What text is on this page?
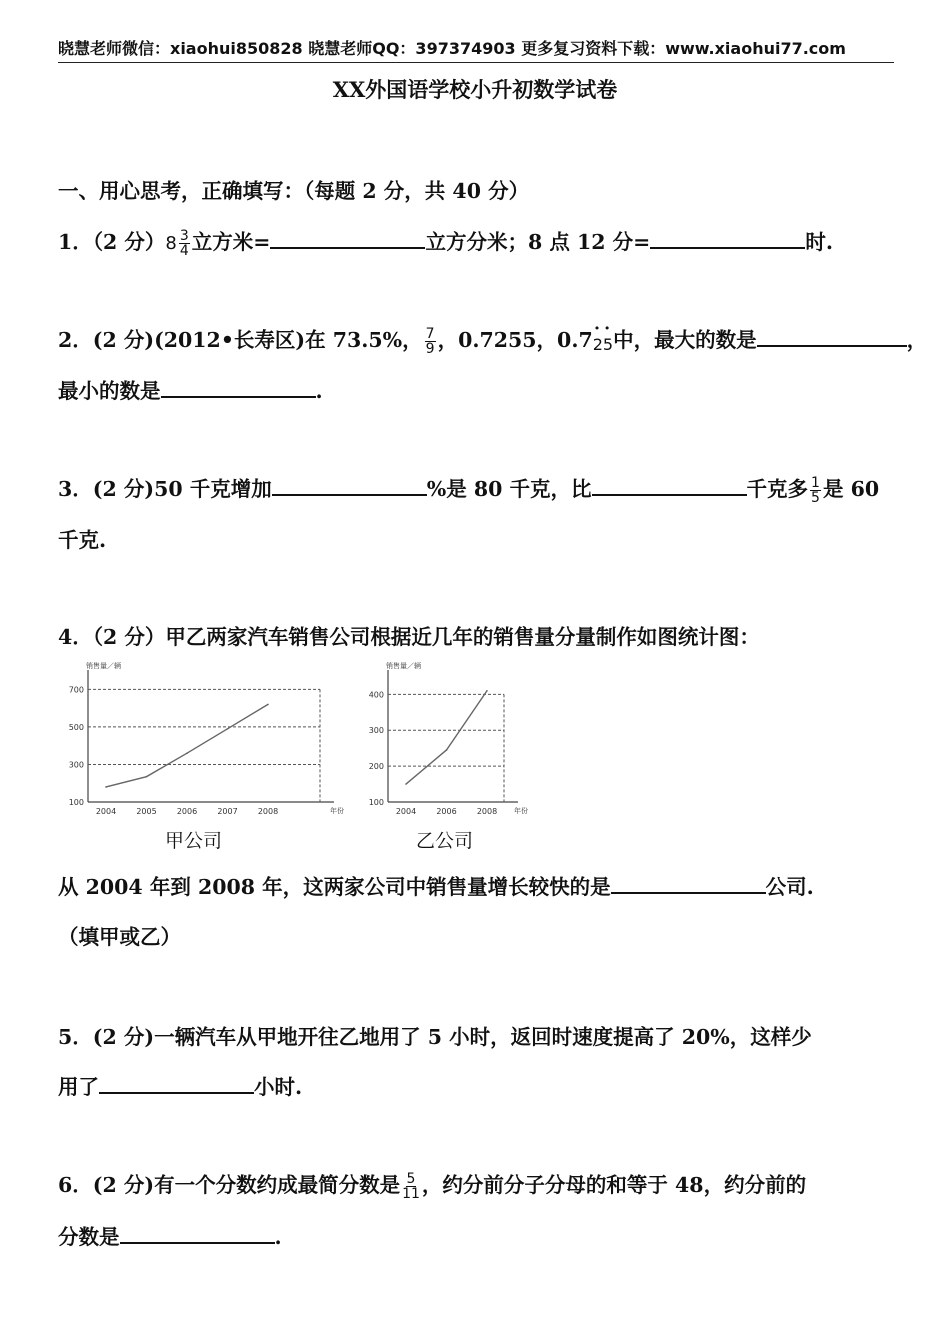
晓慧老师微信：xiaohui850828 晓慧老师QQ：397374903 更多复习资料下载：www.xiaohui77.com
XX外国语学校小升初数学试卷
一、用心思考，正确填写：（每题 2 分，共 40 分）
1．（2 分）$8 \frac{3}{4}$ 立方米=	立方分米；8 点 12 分=	时.
2．(2 分)(2012•长寿区)在 73.5%， $\frac{7}{9}$ ，0.7255，0.7 • 2 • 5 中，最大的数是	，
最小的数是	.
3．(2 分)50 千克增加	%是 80 千克，比	千克多 $\frac{1}{5}$ 是 60
千克.
4．（2 分）甲乙两家汽车销售公司根据近几年的销售量分量制作如图统计图：
销售量／辆
年份
100
300
500
700
2004	2005	2006	2007	2008
甲公司
销售量／辆
年份
100
200
300
400
2004	2006	2008
乙公司
从 2004 年到 2008 年，这两家公司中销售量增长较快的是	公司.
（填甲或乙）
5．(2 分)一辆汽车从甲地开往乙地用了 5 小时，返回时速度提高了 20%，这样少
用了	小时.
6．(2 分)有一个分数约成最简分数是 $\frac{5}{11}$ ，约分前分子分母的和等于 48，约分前的
分数是	.
